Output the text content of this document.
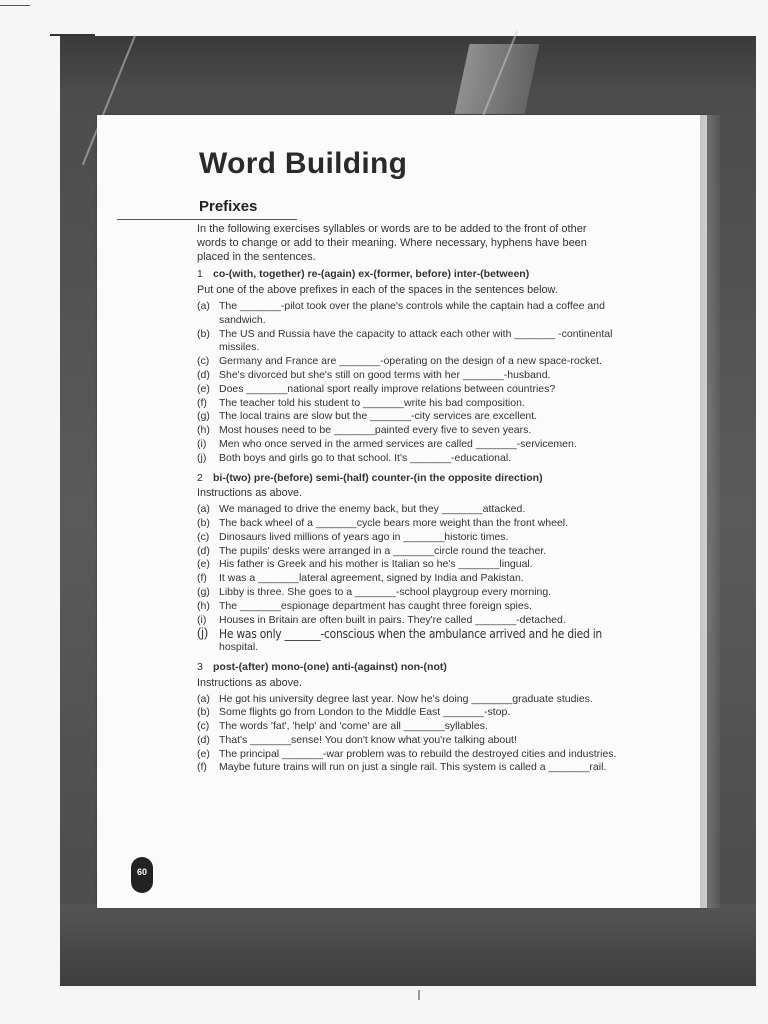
Word Building
Prefixes
In the following exercises syllables or words are to be added to the front of other words to change or add to their meaning. Where necessary, hyphens have been placed in the sentences.
1 co-(with, together) re-(again) ex-(former, before) inter-(between)
Put one of the above prefixes in each of the spaces in the sentences below.
(a) The _______-pilot took over the plane's controls while the captain had a coffee and sandwich.
(b) The US and Russia have the capacity to attack each other with _______ -continental missiles.
(c) Germany and France are _______-operating on the design of a new space-rocket.
(d) She's divorced but she's still on good terms with her _______-husband.
(e) Does _______national sport really improve relations between countries?
(f)	The teacher told his student to _______write his bad composition.
(g) The local trains are slow but the _______-city services are excellent.
(h) Most houses need to be _______painted every five to seven years.
(i)	Men who once served in the armed services are called _______-servicemen.
(j)	Both boys and girls go to that school. It's _______-educational.
2 bi-(two) pre-(before) semi-(half) counter-(in the opposite direction)
Instructions as above.
(a) We managed to drive the enemy back, but they _______attacked.
(b) The back wheel of a _______cycle bears more weight than the front wheel.
(c) Dinosaurs lived millions of years ago in _______historic times.
(d) The pupils' desks were arranged in a _______circle round the teacher.
(e) His father is Greek and his mother is Italian so he's _______lingual.
(f)	It was a _______lateral agreement, signed by India and Pakistan.
(g) Libby is three. She goes to a _______-school playgroup every morning.
(h) The _______espionage department has caught three foreign spies.
(i)	Houses in Britain are often built in pairs. They're called _______-detached.
(j) He was only _______-conscious when the ambulance arrived and he died in
hospital.
3 post-(after) mono-(one) anti-(against) non-(not)
Instructions as above.
(a) He got his university degree last year. Now he's doing _______graduate studies.
(b) Some flights go from London to the Middle East _______-stop.
(c) The words 'fat', 'help' and 'come' are all _______syllables.
(d) That's _______sense! You don't know what you're talking about!
(e) The principal _______-war problem was to rebuild the destroyed cities and industries.
(f)	Maybe future trains will run on just a single rail. This system is called a _______rail.
60
